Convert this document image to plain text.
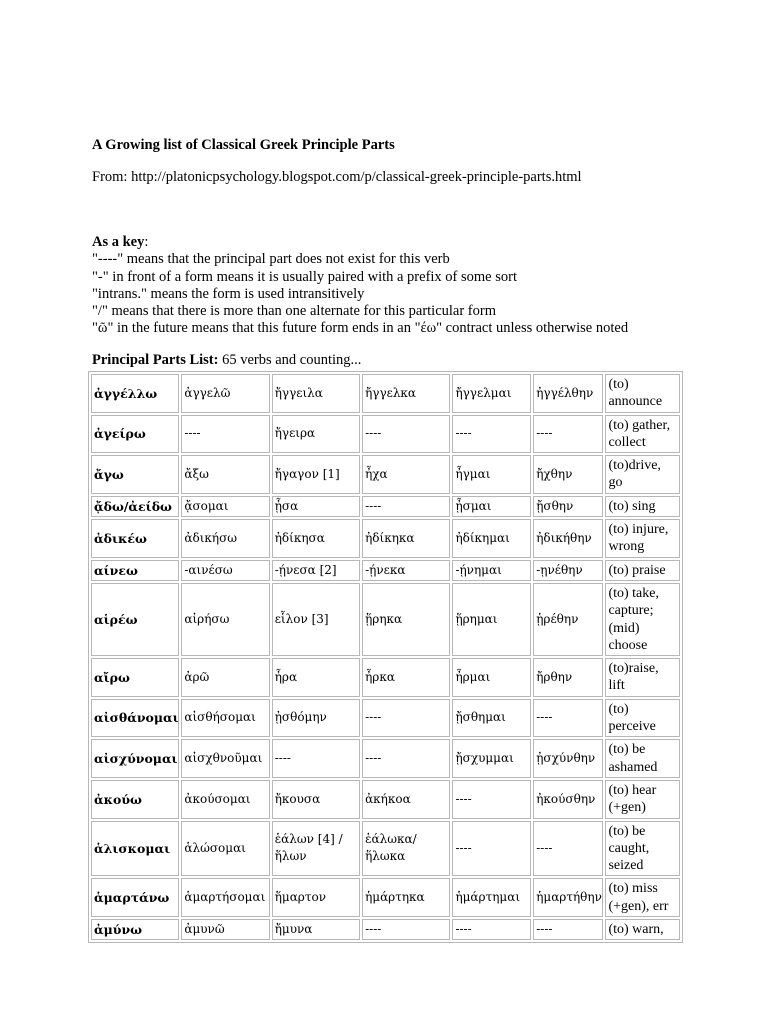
A Growing list of Classical Greek Principle Parts
From: http://platonicpsychology.blogspot.com/p/classical-greek-principle-parts.html
As a key:
"----" means that the principal part does not exist for this verb
"-" in front of a form means it is usually paired with a prefix of some sort
"intrans." means the form is used intransitively
"/" means that there is more than one alternate for this particular form
"ῶ" in the future means that this future form ends in an "έω" contract unless otherwise noted
Principal Parts List: 65 verbs and counting...
ἀγγέλλω	ἀγγελῶ	ἤγγειλα	ἤγγελκα	ἤγγελμαι	ἠγγέλθην	(to) announce
ἀγείρω	----	ἤγειρα	----	----	----	(to) gather, collect
ἄγω	ἄξω	ἤγαγον [1]	ἦχα	ἦγμαι	ἤχθην	(to)drive, go
ᾄδω/ἀείδω	ᾄσομαι	ᾖσα	----	ᾖσμαι	ᾔσθην	(to) sing
ἀδικέω	ἀδικήσω	ἠδίκησα	ἠδίκηκα	ἠδίκημαι	ἠδικήθην	(to) injure, wrong
αίνεω	-αινέσω	-ῄνεσα [2]	-ῄνεκα	-ῄνημαι	-ῃνέθην	(to) praise
αἱρέω	αἱρήσω	εἷλον [3]	ᾕρηκα	ᾕρημαι	ᾑρέθην	(to) take, capture; (mid) choose
αἴρω	ἀρῶ	ἦρα	ἦρκα	ἦρμαι	ἤρθην	(to)raise, lift
αἰσθάνομαι	αἰσθήσομαι	ᾐσθόμην	----	ᾔσθημαι	----	(to) perceive
αἰσχύνομαι	αἰσχθνοῦμαι	----	----	ᾔσχυμμαι	ᾐσχύνθην	(to) be ashamed
ἀκούω	ἀκούσομαι	ἤκουσα	ἀκήκοα	----	ἠκούσθην	(to) hear (+gen)
ἁλισκομαι	ἁλώσομαι	ἑάλων [4] / ἥλων	ἑάλωκα/ἥλωκα	----	----	(to) be caught, seized
ἁμαρτάνω	ἁμαρτήσομαι	ἥμαρτον	ἡμάρτηκα	ἡμάρτημαι	ἡμαρτήθην	(to) miss (+gen), err
ἀμύνω	ἀμυνῶ	ἤμυνα	----	----	----	(to) warn,
